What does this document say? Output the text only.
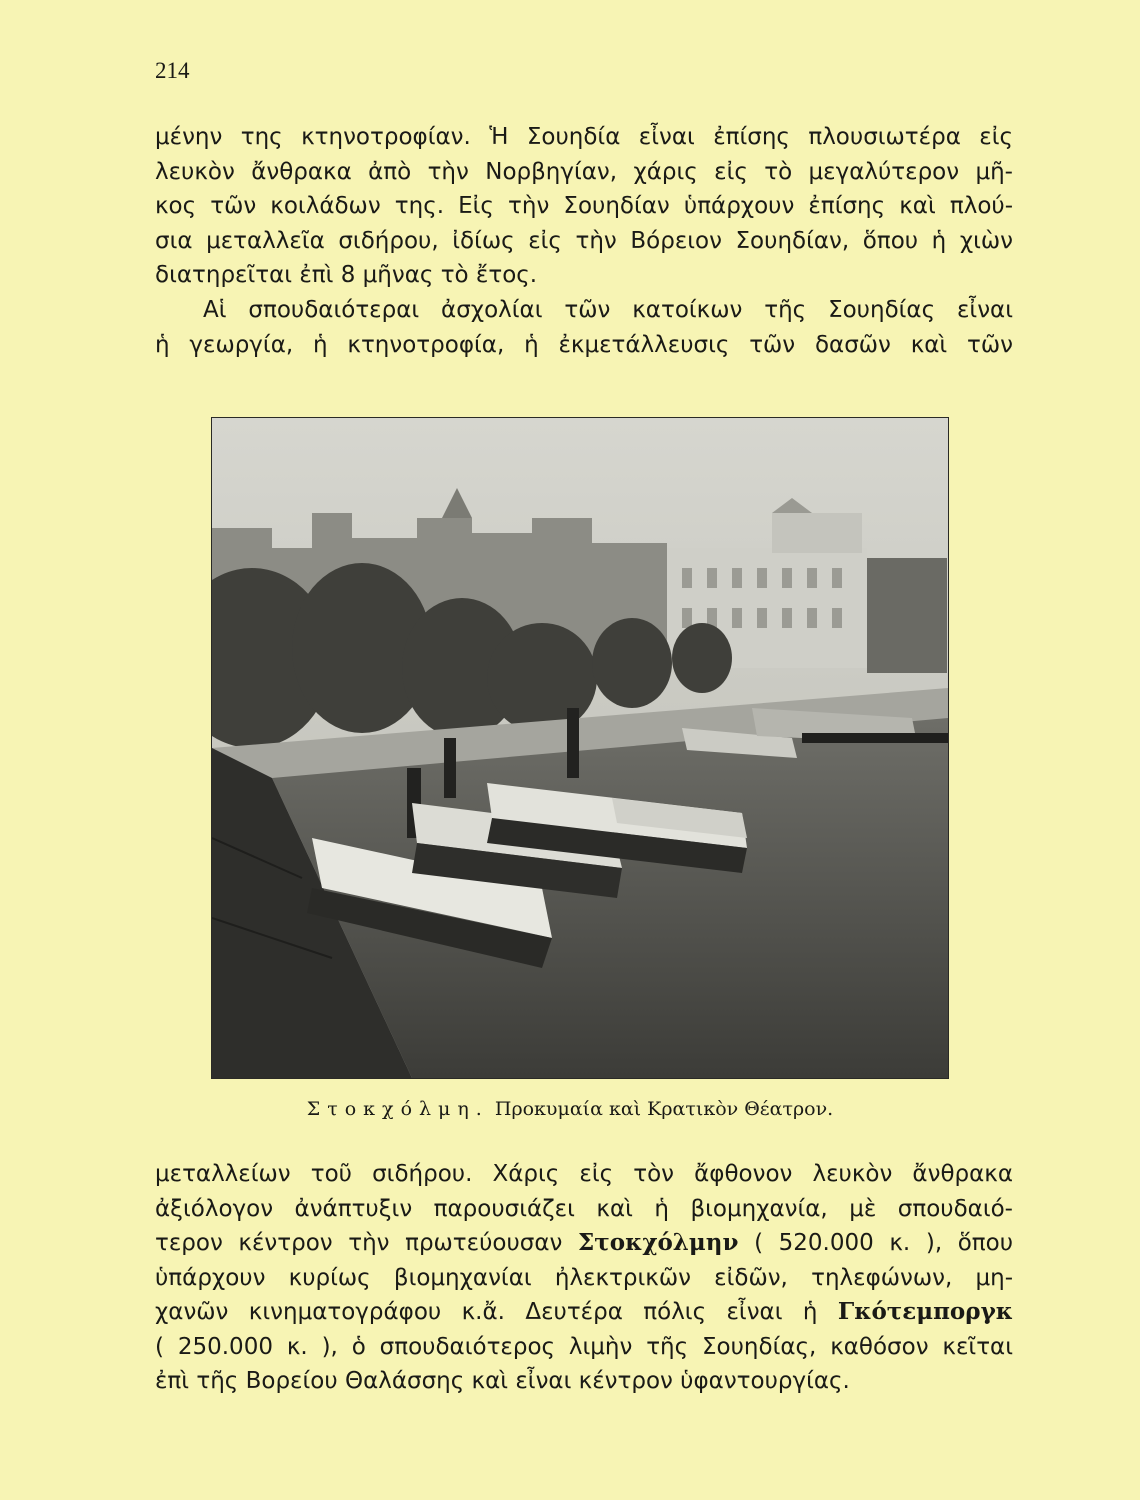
214

μένην της κτηνοτροφίαν. Ἡ Σουηδία εἶναι ἐπίσης πλουσιωτέρα εἰς
λευκὸν ἄνθρακα ἀπὸ τὴν Νορβηγίαν, χάρις εἰς τὸ μεγαλύτερον μῆ-
κος τῶν κοιλάδων της. Εἰς τὴν Σουηδίαν ὑπάρχουν ἐπίσης καὶ πλού-
σια μεταλλεῖα σιδήρου, ἰδίως εἰς τὴν Βόρειον Σουηδίαν, ὅπου ἡ χιὼν
διατηρεῖται ἐπὶ 8 μῆνας τὸ ἔτος.

Αἱ σπουδαιότεραι ἀσχολίαι τῶν κατοίκων τῆς Σουηδίας εἶναι
ἡ γεωργία, ἡ κτηνοτροφία, ἡ ἐκμετάλλευσις τῶν δασῶν καὶ τῶν

Στοκχόλμη. Προκυμαία καὶ Κρατικὸν Θέατρον.

μεταλλείων τοῦ σιδήρου. Χάρις εἰς τὸν ἄφθονον λευκὸν ἄνθρακα
ἀξιόλογον ἀνάπτυξιν παρουσιάζει καὶ ἡ βιομηχανία, μὲ σπουδαιό-
τερον κέντρον τὴν πρωτεύουσαν Στοκχόλμην ( 520.000 κ. ), ὅπου
ὑπάρχουν κυρίως βιομηχανίαι ἠλεκτρικῶν εἰδῶν, τηλεφώνων, μη-
χανῶν κινηματογράφου κ.ἄ. Δευτέρα πόλις εἶναι ἡ Γκότεμποργκ
( 250.000 κ. ), ὁ σπουδαιότερος λιμὴν τῆς Σουηδίας, καθόσον κεῖται
ἐπὶ τῆς Βορείου Θαλάσσης καὶ εἶναι κέντρον ὑφαντουργίας.
